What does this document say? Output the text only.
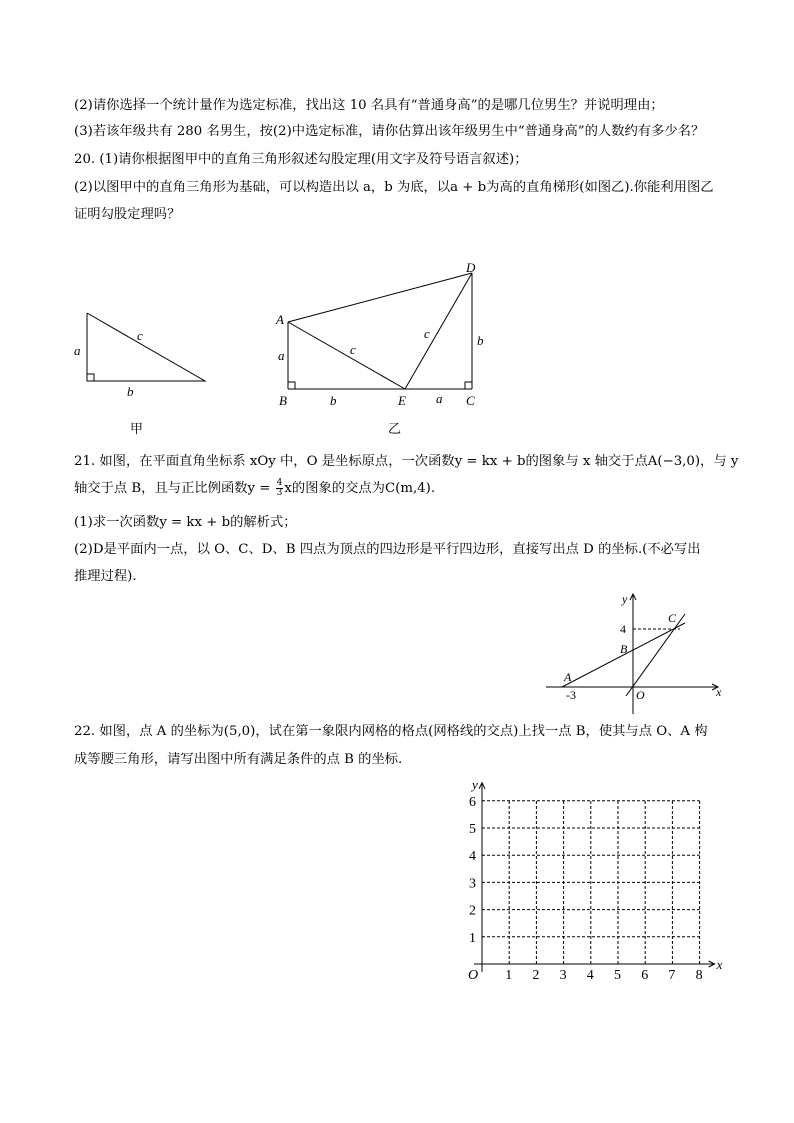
(2)请你选择一个统计量作为选定标准，找出这 10 名具有“普通身高”的是哪几位男生？并说明理由；
(3)若该年级共有 280 名男生，按(2)中选定标准，请你估算出该年级男生中“普通身高”的人数约有多少名？
20. (1)请你根据图甲中的直角三角形叙述勾股定理(用文字及符号语言叙述)；
(2)以图甲中的直角三角形为基础，可以构造出以 a，b 为底，以a + b为高的直角梯形(如图乙).你能利用图乙
证明勾股定理吗？
a
c
b
甲
D
A
a	c
c	b
B	b	E a C
乙
21. 如图，在平面直角坐标系 xOy 中，O 是坐标原点，一次函数y = kx + b的图象与 x 轴交于点A(−3,0)，与 y
轴交于点 B，且与正比例函数$y = \frac{4}{3}$ x的图象的交点为C(m,4).
(1)求一次函数y = kx + b的解析式；
(2)D是平面内一点，以 O、C、D、B 四点为顶点的四边形是平行四边形，直接写出点 D 的坐标.(不必写出
推理过程).
y
x
4
C
B
A
-3	O
22. 如图，点 A 的坐标为(5,0)，试在第一象限内网格的格点(网格线的交点)上找一点 B，使其与点 O、A 构
成等腰三角形，请写出图中所有满足条件的点 B 的坐标.
1 2 3 4 5 6 7 8
1
2
3
4
5
6
O
y
x
